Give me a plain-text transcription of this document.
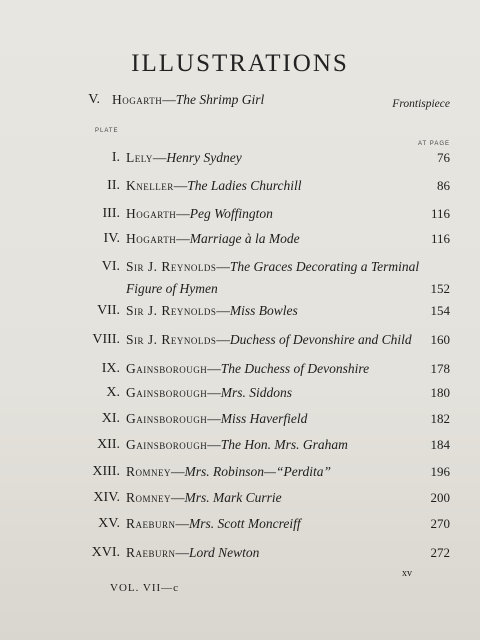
ILLUSTRATIONS
V. Hogarth—The Shrimp Girl	Frontispiece
PLATE
AT PAGE
I. Lely—Henry Sydney	76
II. Kneller—The Ladies Churchill	86
III. Hogarth—Peg Woffington	116
IV. Hogarth—Marriage à la Mode	116
VI. Sir J. Reynolds—The Graces Decorating a Terminal
Figure of Hymen	152
VII. Sir J. Reynolds—Miss Bowles	154
VIII. Sir J. Reynolds—Duchess of Devonshire and Child 160
IX. Gainsborough—The Duchess of Devonshire	178
X. Gainsborough—Mrs. Siddons	180
XI. Gainsborough—Miss Haverfield	182
XII. Gainsborough—The Hon. Mrs. Graham	184
XIII. Romney—Mrs. Robinson—“Perdita”	196
XIV. Romney—Mrs. Mark Currie	200
XV. Raeburn—Mrs. Scott Moncreiff	270
XVI. Raeburn—Lord Newton	272
VOL. VII—c
xv
